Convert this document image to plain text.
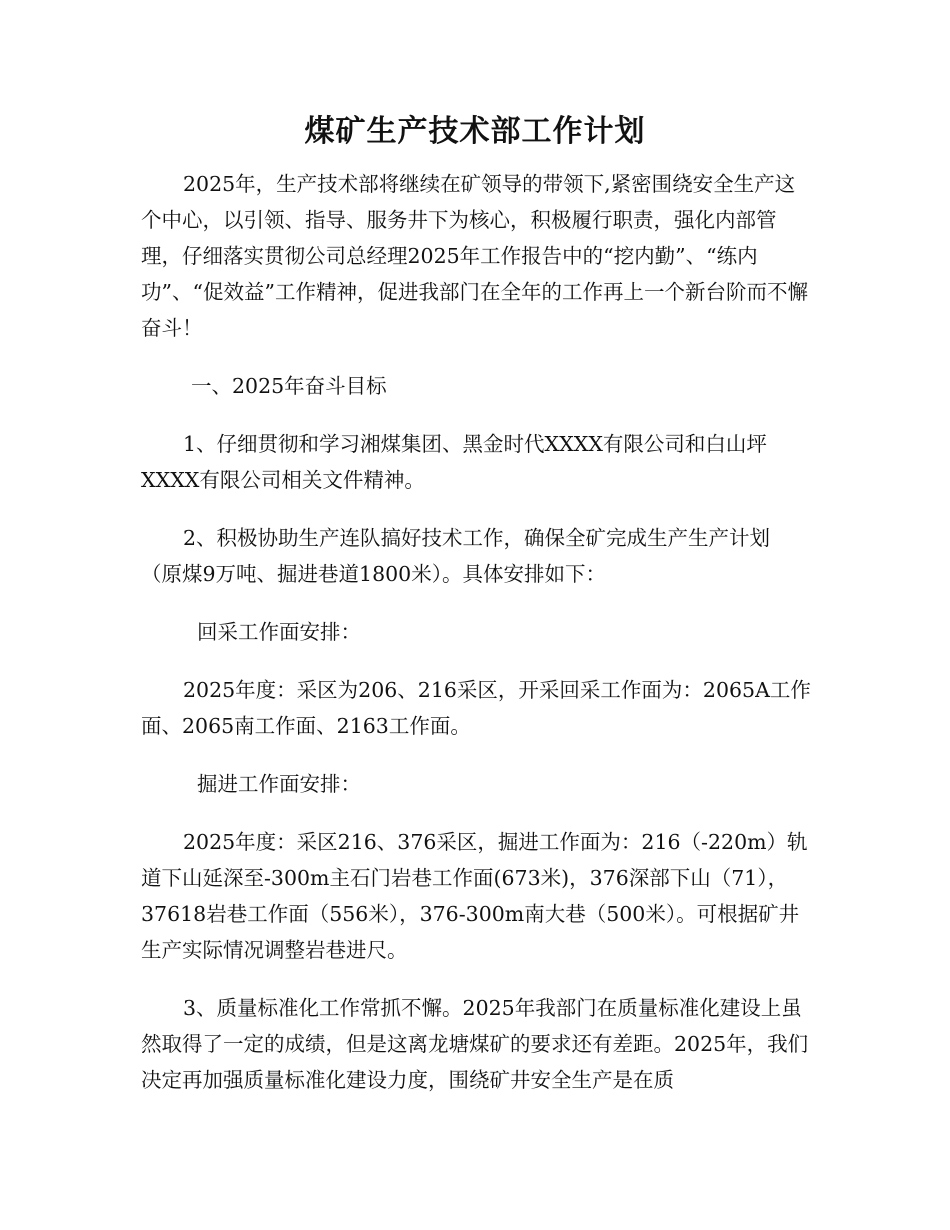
煤矿生产技术部工作计划

2025年，生产技术部将继续在矿领导的带领下,紧密围绕安全生产这个中心，以引领、指导、服务井下为核心，积极履行职责，强化内部管理，仔细落实贯彻公司总经理2025年工作报告中的“挖内勤”、“练内功”、“促效益”工作精神，促进我部门在全年的工作再上一个新台阶而不懈奋斗！

一、2025年奋斗目标

1、仔细贯彻和学习湘煤集团、黑金时代XXXX有限公司和白山坪XXXX有限公司相关文件精神。

2、积极协助生产连队搞好技术工作，确保全矿完成生产生产计划（原煤9万吨、掘进巷道1800米）。具体安排如下：

回采工作面安排：

2025年度：采区为206、216采区，开采回采工作面为：2065A工作面、2065南工作面、2163工作面。

掘进工作面安排：

2025年度：采区216、376采区，掘进工作面为：216（-220m）轨道下山延深至-300m主石门岩巷工作面(673米)，376深部下山（71），37618岩巷工作面（556米），376-300m南大巷（500米）。可根据矿井生产实际情况调整岩巷进尺。

3、质量标准化工作常抓不懈。2025年我部门在质量标准化建设上虽然取得了一定的成绩，但是这离龙塘煤矿的要求还有差距。2025年，我们决定再加强质量标准化建设力度，围绕矿井安全生产是在质
